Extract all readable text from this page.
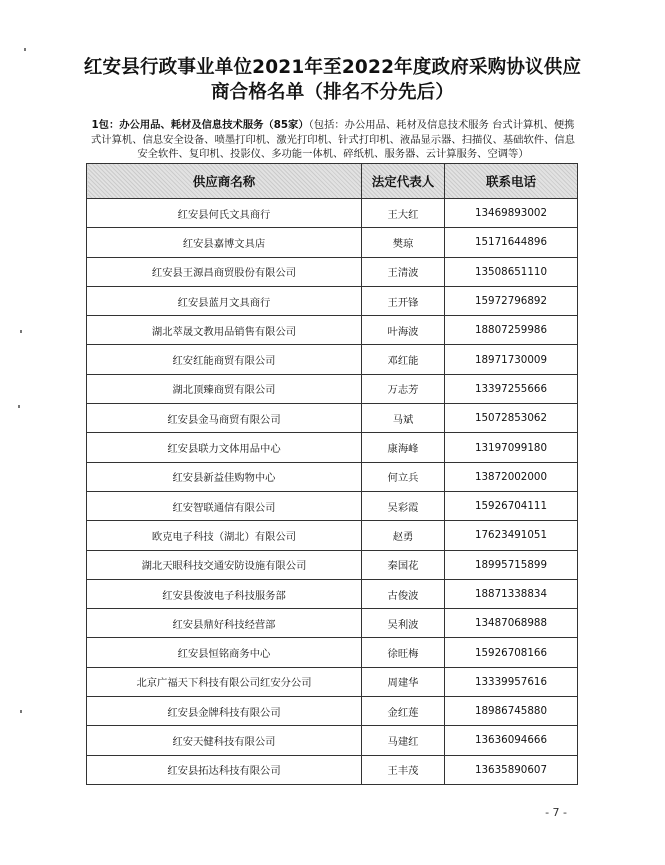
红安县行政事业单位2021年至2022年度政府采购协议供应
商合格名单（排名不分先后）
1包：办公用品、耗材及信息技术服务（85家）（包括：办公用品、耗材及信息技术服务 台式计算机、便携式计算机、信息安全设备、喷墨打印机、激光打印机、针式打印机、液晶显示器、扫描仪、基础软件、信息安全软件、复印机、投影仪、多功能一体机、碎纸机、服务器、云计算服务、空调等）
供应商名称	法定代表人	联系电话
红安县何氏文具商行	王大红	13469893002
红安县嘉博文具店	樊琼	15171644896
红安县王源昌商贸股份有限公司	王清波	13508651110
红安县蓝月文具商行	王开锋	15972796892
湖北萃晟文教用品销售有限公司	叶海波	18807259986
红安红能商贸有限公司	邓红能	18971730009
湖北顶臻商贸有限公司	万志芳	13397255666
红安县金马商贸有限公司	马斌	15072853062
红安县联力文体用品中心	康海峰	13197099180
红安县新益佳购物中心	何立兵	13872002000
红安智联通信有限公司	吴彩霞	15926704111
欧克电子科技（湖北）有限公司	赵勇	17623491051
湖北天眼科技交通安防设施有限公司	秦国花	18995715899
红安县俊波电子科技服务部	古俊波	18871338834
红安县鼎好科技经营部	吴利波	13487068988
红安县恒铭商务中心	徐旺梅	15926708166
北京广福天下科技有限公司红安分公司	周建华	13339957616
红安县金牌科技有限公司	金红莲	18986745880
红安天健科技有限公司	马建红	13636094666
红安县拓达科技有限公司	王丰茂	13635890607
- 7 -
